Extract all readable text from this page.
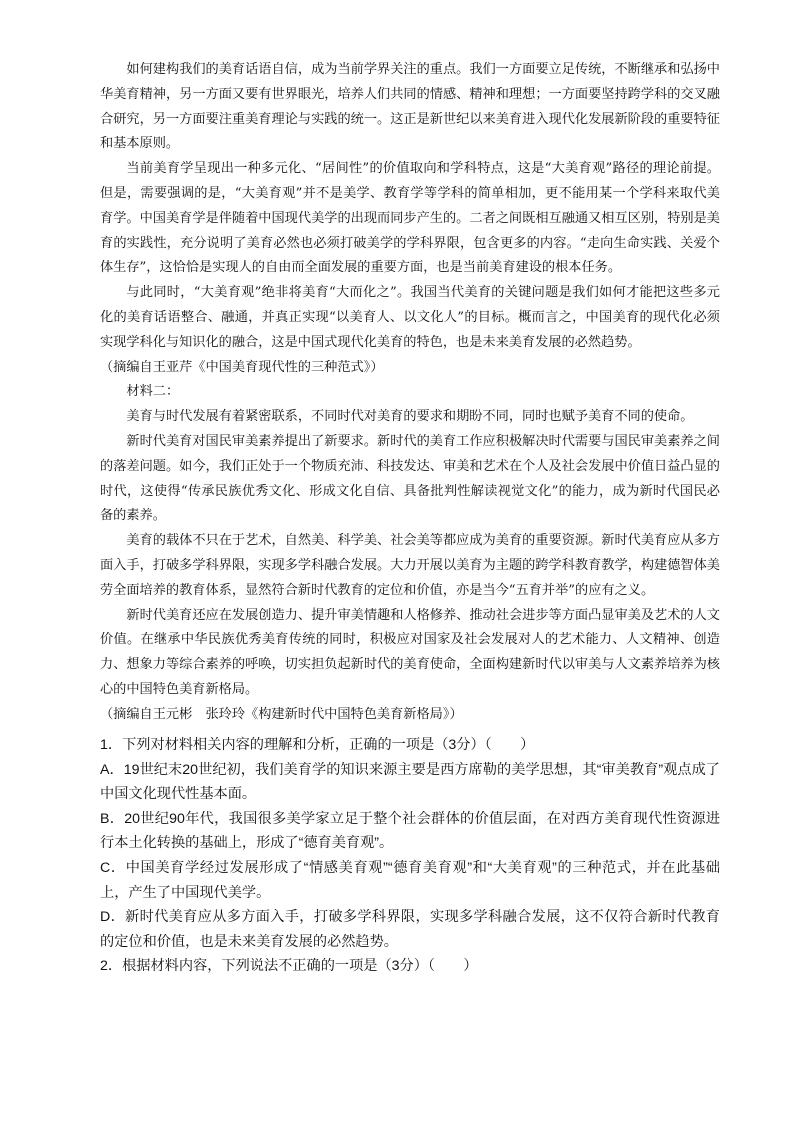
如何建构我们的美育话语自信，成为当前学界关注的重点。我们一方面要立足传统，不断继承和弘扬中华美育精神，另一方面又要有世界眼光，培养人们共同的情感、精神和理想；一方面要坚持跨学科的交叉融合研究，另一方面要注重美育理论与实践的统一。这正是新世纪以来美育进入现代化发展新阶段的重要特征和基本原则。

当前美育学呈现出一种多元化、“居间性”的价值取向和学科特点，这是“大美育观”路径的理论前提。但是，需要强调的是，“大美育观”并不是美学、教育学等学科的简单相加，更不能用某一个学科来取代美育学。中国美育学是伴随着中国现代美学的出现而同步产生的。二者之间既相互融通又相互区别，特别是美育的实践性，充分说明了美育必然也必须打破美学的学科界限，包含更多的内容。“走向生命实践、关爱个体生存”，这恰恰是实现人的自由而全面发展的重要方面，也是当前美育建设的根本任务。

与此同时，“大美育观”绝非将美育“大而化之”。我国当代美育的关键问题是我们如何才能把这些多元化的美育话语整合、融通，并真正实现“以美育人、以文化人”的目标。概而言之，中国美育的现代化必须实现学科化与知识化的融合，这是中国式现代化美育的特色，也是未来美育发展的必然趋势。

（摘编自王亚芹《中国美育现代性的三种范式》）

材料二：

美育与时代发展有着紧密联系，不同时代对美育的要求和期盼不同，同时也赋予美育不同的使命。

新时代美育对国民审美素养提出了新要求。新时代的美育工作应积极解决时代需要与国民审美素养之间的落差问题。如今，我们正处于一个物质充沛、科技发达、审美和艺术在个人及社会发展中价值日益凸显的时代，这使得“传承民族优秀文化、形成文化自信、具备批判性解读视觉文化”的能力，成为新时代国民必备的素养。

美育的载体不只在于艺术，自然美、科学美、社会美等都应成为美育的重要资源。新时代美育应从多方面入手，打破多学科界限，实现多学科融合发展。大力开展以美育为主题的跨学科教育教学，构建德智体美劳全面培养的教育体系，显然符合新时代教育的定位和价值，亦是当今“五育并举”的应有之义。

新时代美育还应在发展创造力、提升审美情趣和人格修养、推动社会进步等方面凸显审美及艺术的人文价值。在继承中华民族优秀美育传统的同时，积极应对国家及社会发展对人的艺术能力、人文精神、创造力、想象力等综合素养的呼唤，切实担负起新时代的美育使命，全面构建新时代以审美与人文素养培养为核心的中国特色美育新格局。

（摘编自王元彬　张玲玲《构建新时代中国特色美育新格局》）

1．下列对材料相关内容的理解和分析，正确的一项是（3分）（　　）

A．19世纪末20世纪初，我们美育学的知识来源主要是西方席勒的美学思想，其“审美教育”观点成了中国文化现代性基本面。

B．20世纪90年代，我国很多美学家立足于整个社会群体的价值层面，在对西方美育现代性资源进行本土化转换的基础上，形成了“德育美育观”。

C．中国美育学经过发展形成了“情感美育观”“德育美育观”和“大美育观”的三种范式，并在此基础上，产生了中国现代美学。

D．新时代美育应从多方面入手，打破多学科界限，实现多学科融合发展，这不仅符合新时代教育的定位和价值，也是未来美育发展的必然趋势。

2．根据材料内容，下列说法不正确的一项是（3分）（　　）
